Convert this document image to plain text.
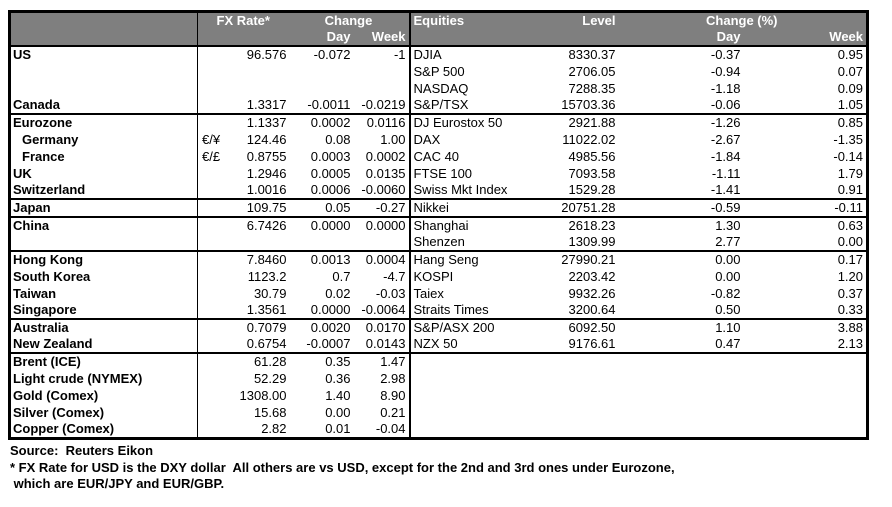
	FX Rate*		Change		Equities	Level	Change (%)	
			Day	Week			Day	Week
US		96.576	-0.072	-1	DJIA	8330.37	-0.37	0.95
					S&P 500	2706.05	-0.94	0.07
					NASDAQ	7288.35	-1.18	0.09
Canada		1.3317	-0.0011	-0.0219	S&P/TSX	15703.36	-0.06	1.05
Eurozone		1.1337	0.0002	0.0116	DJ Eurostox 50	2921.88	-1.26	0.85
Germany	€/¥	124.46	0.08	1.00	DAX	11022.02	-2.67	-1.35
France	€/£	0.8755	0.0003	0.0002	CAC 40	4985.56	-1.84	-0.14
UK		1.2946	0.0005	0.0135	FTSE 100	7093.58	-1.11	1.79
Switzerland		1.0016	0.0006	-0.0060	Swiss Mkt Index	1529.28	-1.41	0.91
Japan		109.75	0.05	-0.27	Nikkei	20751.28	-0.59	-0.11
China		6.7426	0.0000	0.0000	Shanghai	2618.23	1.30	0.63
					Shenzen	1309.99	2.77	0.00
Hong Kong		7.8460	0.0013	0.0004	Hang Seng	27990.21	0.00	0.17
South Korea		1123.2	0.7	-4.7	KOSPI	2203.42	0.00	1.20
Taiwan		30.79	0.02	-0.03	Taiex	9932.26	-0.82	0.37
Singapore		1.3561	0.0000	-0.0064	Straits Times	3200.64	0.50	0.33
Australia		0.7079	0.0020	0.0170	S&P/ASX 200	6092.50	1.10	3.88
New Zealand		0.6754	-0.0007	0.0143	NZX 50	9176.61	0.47	2.13
Brent (ICE)		61.28	0.35	1.47				
Light crude (NYMEX)		52.29	0.36	2.98				
Gold (Comex)		1308.00	1.40	8.90				
Silver (Comex)		15.68	0.00	0.21				
Copper (Comex)		2.82	0.01	-0.04				
Source:  Reuters Eikon
* FX Rate for USD is the DXY dollar  All others are vs USD, except for the 2nd and 3rd ones under Eurozone,
which are EUR/JPY and EUR/GBP.
